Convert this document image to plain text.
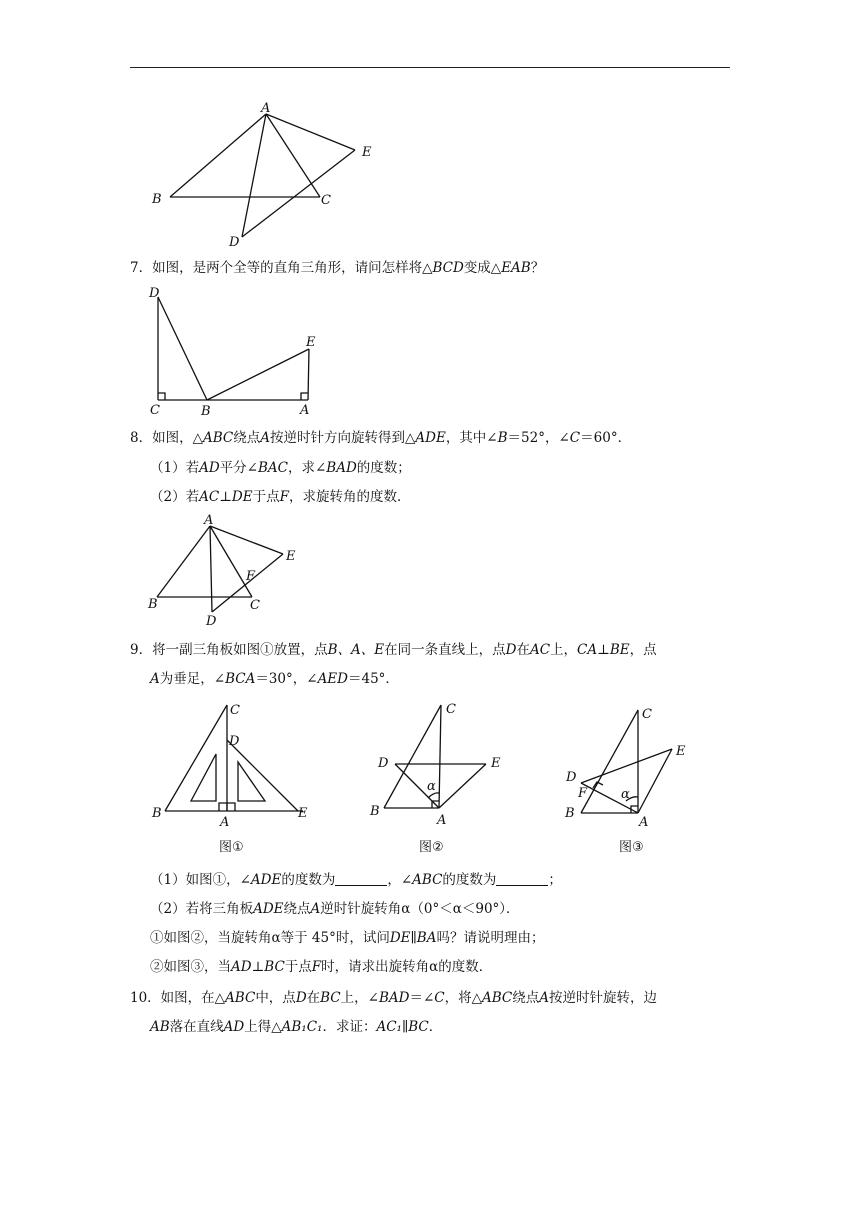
A
B	C
D
E
7．如图，是两个全等的直角三角形，请问怎样将△BCD变成△EAB？
D
C	B	A
E
8．如图，△ABC绕点A按逆时针方向旋转得到△ADE，其中∠B＝52°，∠C＝60°．
（1）若AD平分∠BAC，求∠BAD的度数；
（2）若AC⊥DE于点F，求旋转角的度数．
A
B	C
D
E
F
9．将一副三角板如图①放置，点B、A、E在同一条直线上，点D在AC上，CA⊥BE，点
A为垂足，∠BCA＝30°，∠AED＝45°．
C
D
B
A
E
图①
C
D	E
B
A
α
图②
C
D
E
F
B
A
α
图③
（1）如图①，∠ADE的度数为	，∠ABC的度数为	；
（2）若将三角板ADE绕点A逆时针旋转角α（0°＜α＜90°）．
①如图②，当旋转角α等于 45°时，试问DE∥BA吗？请说明理由；
②如图③，当AD⊥BC于点F时，请求出旋转角α的度数．
10．如图，在△ABC中，点D在BC上，∠BAD＝∠C，将△ABC绕点A按逆时针旋转，边
AB落在直线AD上得△AB₁C₁．求证：AC₁∥BC．
